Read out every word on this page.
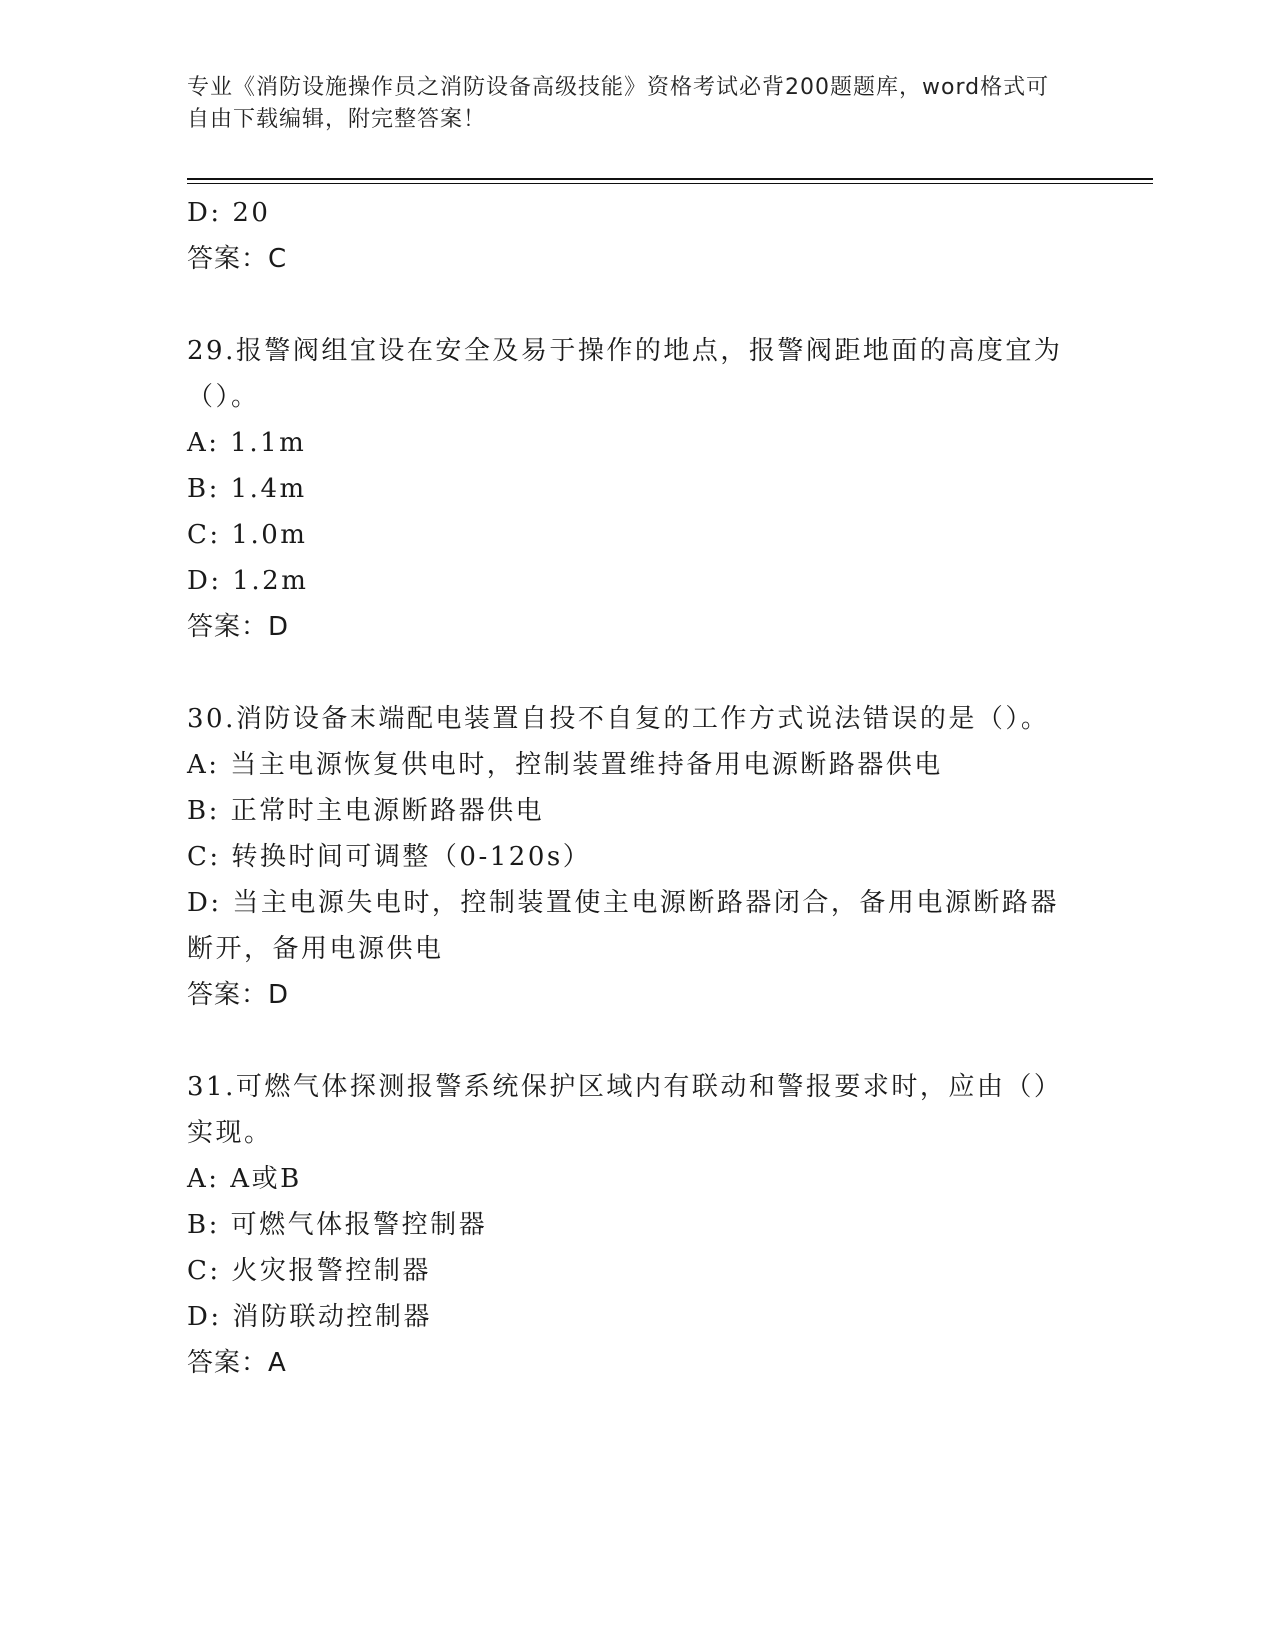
专业《消防设施操作员之消防设备高级技能》资格考试必背200题题库，word格式可自由下载编辑，附完整答案！
D: 20
答案：C
29.报警阀组宜设在安全及易于操作的地点，报警阀距地面的高度宜为（）。
A: 1.1m
B: 1.4m
C: 1.0m
D: 1.2m
答案：D
30.消防设备末端配电装置自投不自复的工作方式说法错误的是（）。
A: 当主电源恢复供电时，控制装置维持备用电源断路器供电
B: 正常时主电源断路器供电
C: 转换时间可调整（0-120s）
D: 当主电源失电时，控制装置使主电源断路器闭合，备用电源断路器断开，备用电源供电
答案：D
31.可燃气体探测报警系统保护区域内有联动和警报要求时，应由（）实现。
A: A或B
B: 可燃气体报警控制器
C: 火灾报警控制器
D: 消防联动控制器
答案：A
